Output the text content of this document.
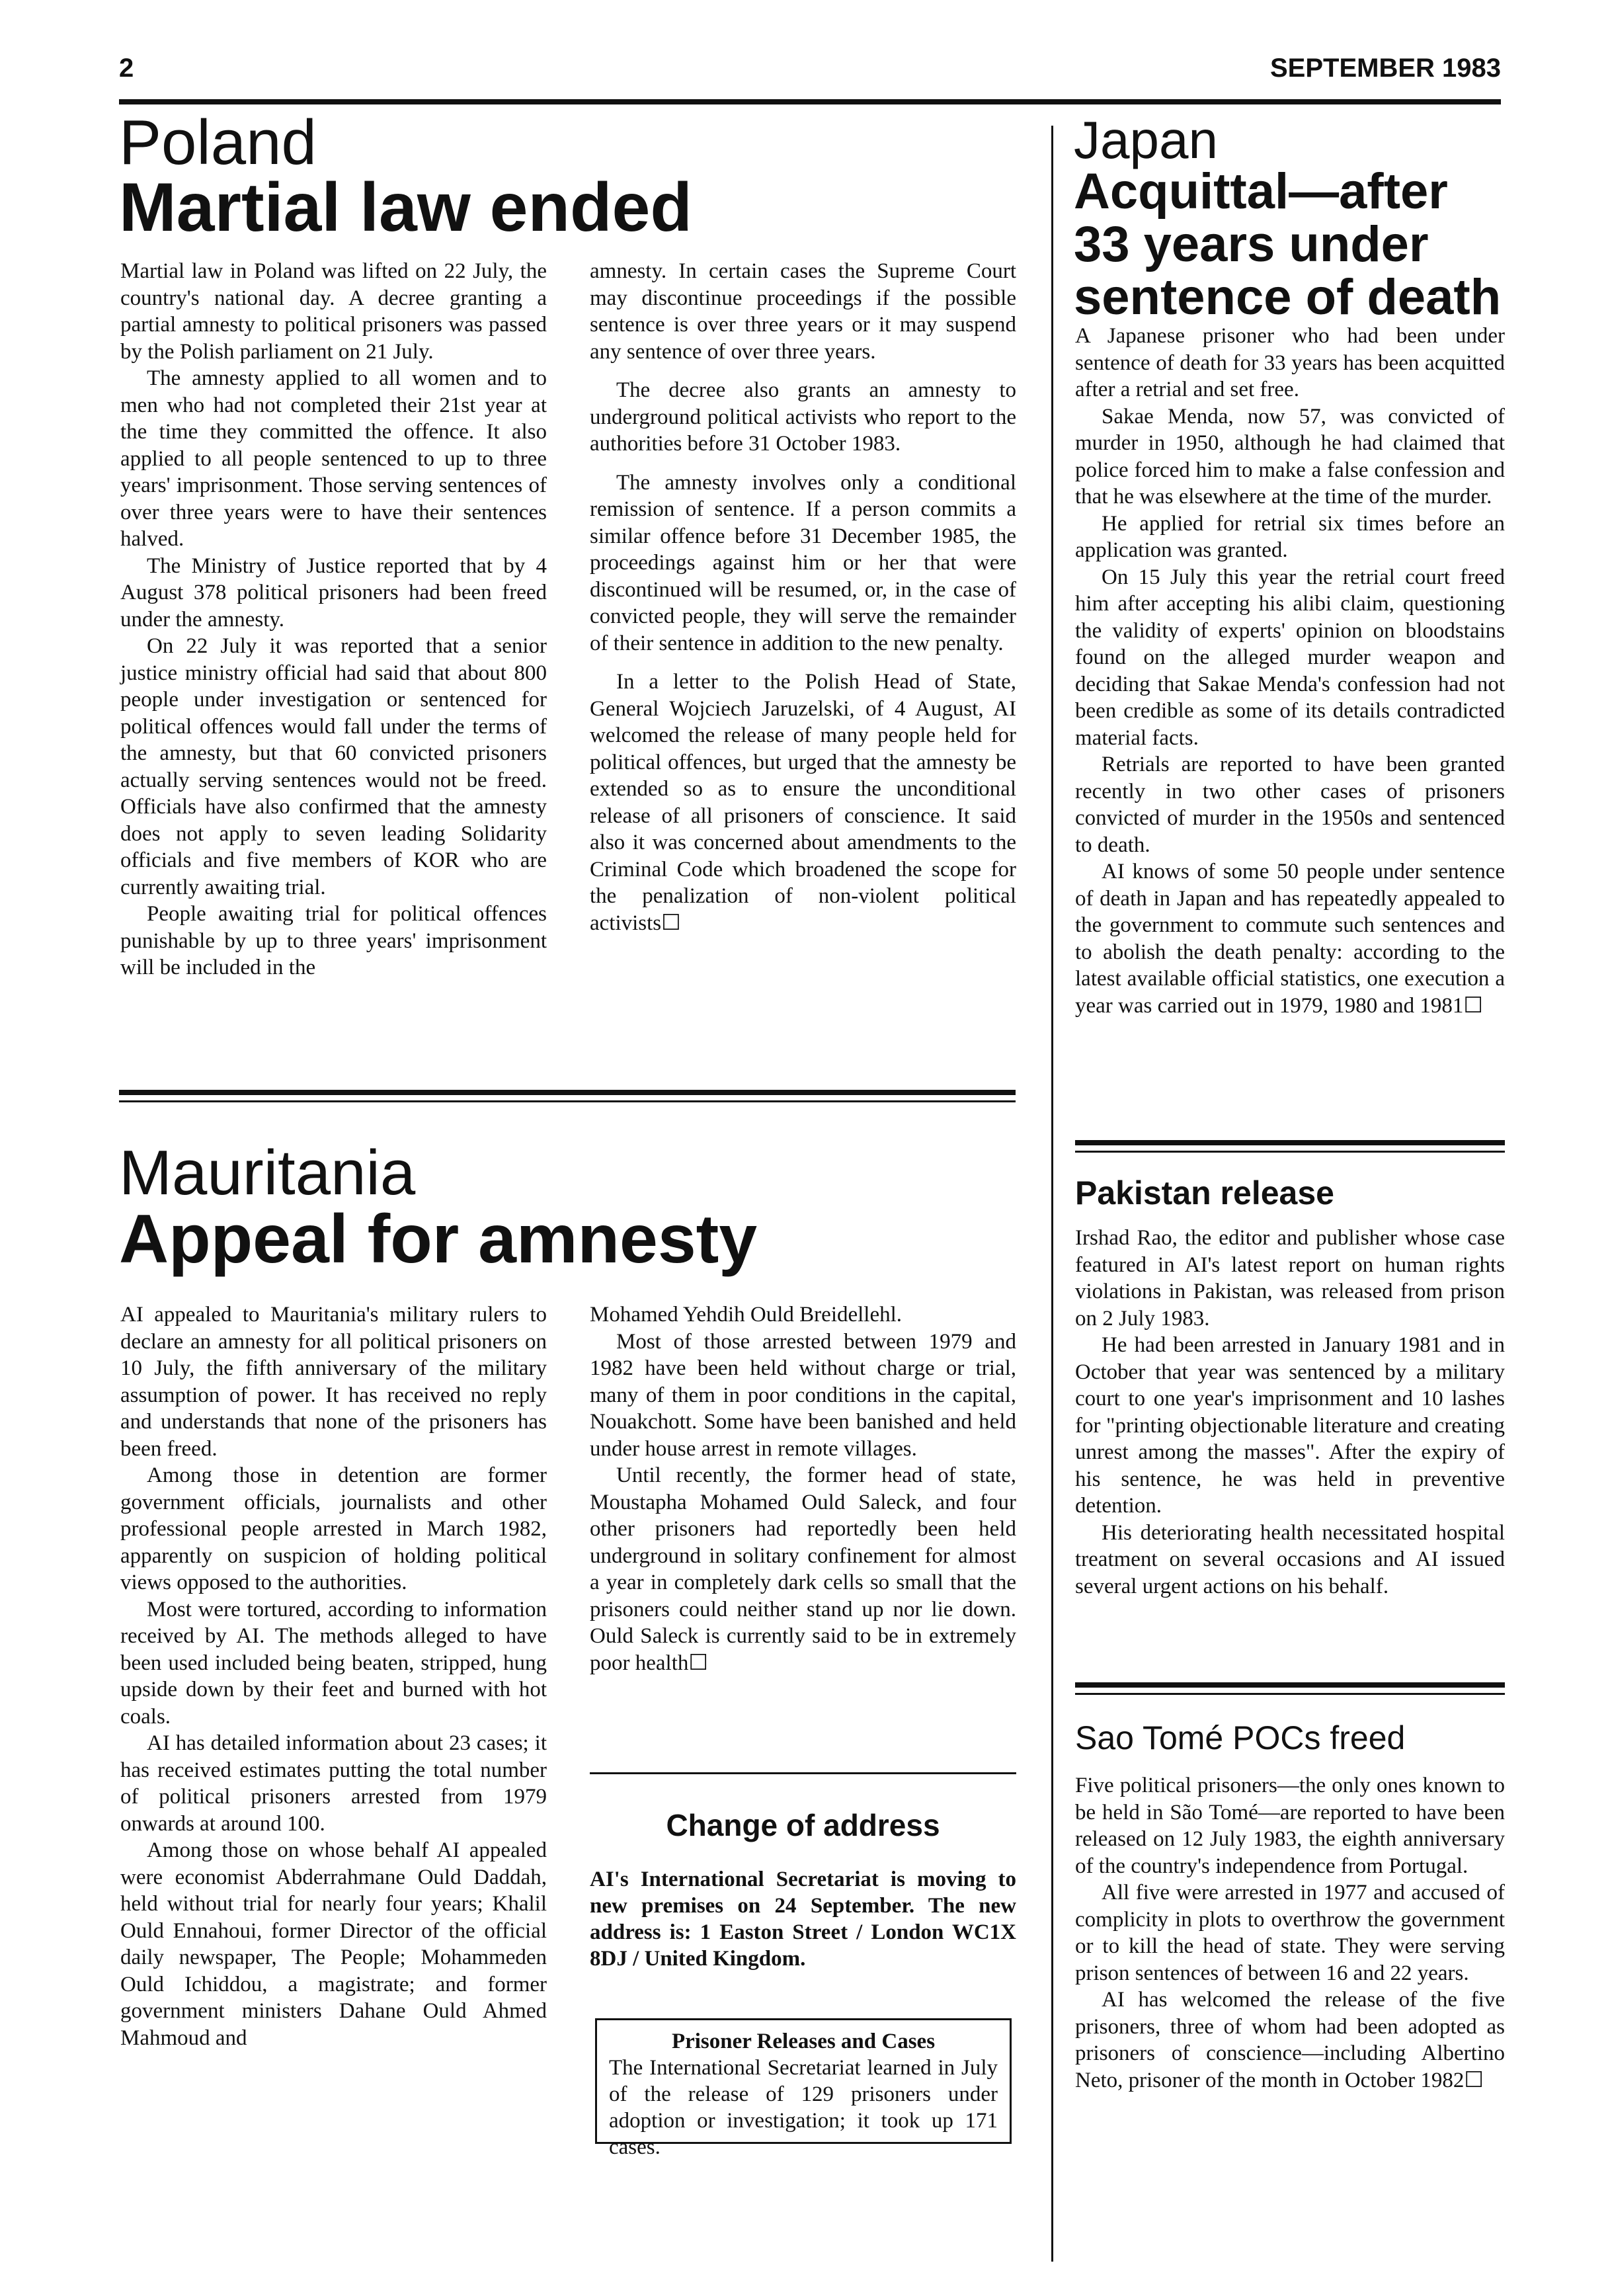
2	SEPTEMBER 1983
Poland
Martial law ended

Martial law in Poland was lifted on 22 July, the country's national day. A decree granting a partial amnesty to political prisoners was passed by the Polish parliament on 21 July.

The amnesty applied to all women and to men who had not completed their 21st year at the time they committed the offence. It also applied to all people sentenced to up to three years' imprisonment. Those serving sentences of over three years were to have their sentences halved.

The Ministry of Justice reported that by 4 August 378 political prisoners had been freed under the amnesty.

On 22 July it was reported that a senior justice ministry official had said that about 800 people under investigation or sentenced for political offences would fall under the terms of the amnesty, but that 60 convicted prisoners actually serving sentences would not be freed. Officials have also confirmed that the amnesty does not apply to seven leading Solidarity officials and five members of KOR who are currently awaiting trial.

People awaiting trial for political offences punishable by up to three years' imprisonment will be included in the

amnesty. In certain cases the Supreme Court may discontinue proceedings if the possible sentence is over three years or it may suspend any sentence of over three years.

The decree also grants an amnesty to underground political activists who report to the authorities before 31 October 1983.

The amnesty involves only a conditional remission of sentence. If a person commits a similar offence before 31 December 1985, the proceedings against him or her that were discontinued will be resumed, or, in the case of convicted people, they will serve the remainder of their sentence in addition to the new penalty.

In a letter to the Polish Head of State, General Wojciech Jaruzelski, of 4 August, AI welcomed the release of many people held for political offences, but urged that the amnesty be extended so as to ensure the unconditional release of all prisoners of conscience. It said also it was concerned about amendments to the Criminal Code which broadened the scope for the penalization of non-violent political activists☐

Mauritania
Appeal for amnesty

AI appealed to Mauritania's military rulers to declare an amnesty for all political prisoners on 10 July, the fifth anniversary of the military assumption of power. It has received no reply and understands that none of the prisoners has been freed.

Among those in detention are former government officials, journalists and other professional people arrested in March 1982, apparently on suspicion of holding political views opposed to the authorities.

Most were tortured, according to information received by AI. The methods alleged to have been used included being beaten, stripped, hung upside down by their feet and burned with hot coals.

AI has detailed information about 23 cases; it has received estimates putting the total number of political prisoners arrested from 1979 onwards at around 100.

Among those on whose behalf AI appealed were economist Abderrahmane Ould Daddah, held without trial for nearly four years; Khalil Ould Ennahoui, former Director of the official daily newspaper, The People; Mohammeden Ould Ichiddou, a magistrate; and former government ministers Dahane Ould Ahmed Mahmoud and

Mohamed Yehdih Ould Breidellehl.

Most of those arrested between 1979 and 1982 have been held without charge or trial, many of them in poor conditions in the capital, Nouakchott. Some have been banished and held under house arrest in remote villages.

Until recently, the former head of state, Moustapha Mohamed Ould Saleck, and four other prisoners had reportedly been held underground in solitary confinement for almost a year in completely dark cells so small that the prisoners could neither stand up nor lie down. Ould Saleck is currently said to be in extremely poor health☐

Change of address
AI's International Secretariat is moving to new premises on 24 September. The new address is: 1 Easton Street / London WC1X 8DJ / United Kingdom.
Prisoner Releases and Cases
The International Secretariat learned in July of the release of 129 prisoners under adoption or investigation; it took up 171 cases.
Japan
Acquittal—after 33 years under sentence of death

A Japanese prisoner who had been under sentence of death for 33 years has been acquitted after a retrial and set free.

Sakae Menda, now 57, was convicted of murder in 1950, although he had claimed that police forced him to make a false confession and that he was elsewhere at the time of the murder.

He applied for retrial six times before an application was granted.

On 15 July this year the retrial court freed him after accepting his alibi claim, questioning the validity of experts' opinion on bloodstains found on the alleged murder weapon and deciding that Sakae Menda's confession had not been credible as some of its details contradicted material facts.

Retrials are reported to have been granted recently in two other cases of prisoners convicted of murder in the 1950s and sentenced to death.

AI knows of some 50 people under sentence of death in Japan and has repeatedly appealed to the government to commute such sentences and to abolish the death penalty: according to the latest available official statistics, one execution a year was carried out in 1979, 1980 and 1981☐

Pakistan release

Irshad Rao, the editor and publisher whose case featured in AI's latest report on human rights violations in Pakistan, was released from prison on 2 July 1983.

He had been arrested in January 1981 and in October that year was sentenced by a military court to one year's imprisonment and 10 lashes for "printing objectionable literature and creating unrest among the masses". After the expiry of his sentence, he was held in preventive detention.

His deteriorating health necessitated hospital treatment on several occasions and AI issued several urgent actions on his behalf.

Sao Tomé POCs freed

Five political prisoners—the only ones known to be held in São Tomé—are reported to have been released on 12 July 1983, the eighth anniversary of the country's independence from Portugal.

All five were arrested in 1977 and accused of complicity in plots to overthrow the government or to kill the head of state. They were serving prison sentences of between 16 and 22 years.

AI has welcomed the release of the five prisoners, three of whom had been adopted as prisoners of conscience—including Albertino Neto, prisoner of the month in October 1982☐
